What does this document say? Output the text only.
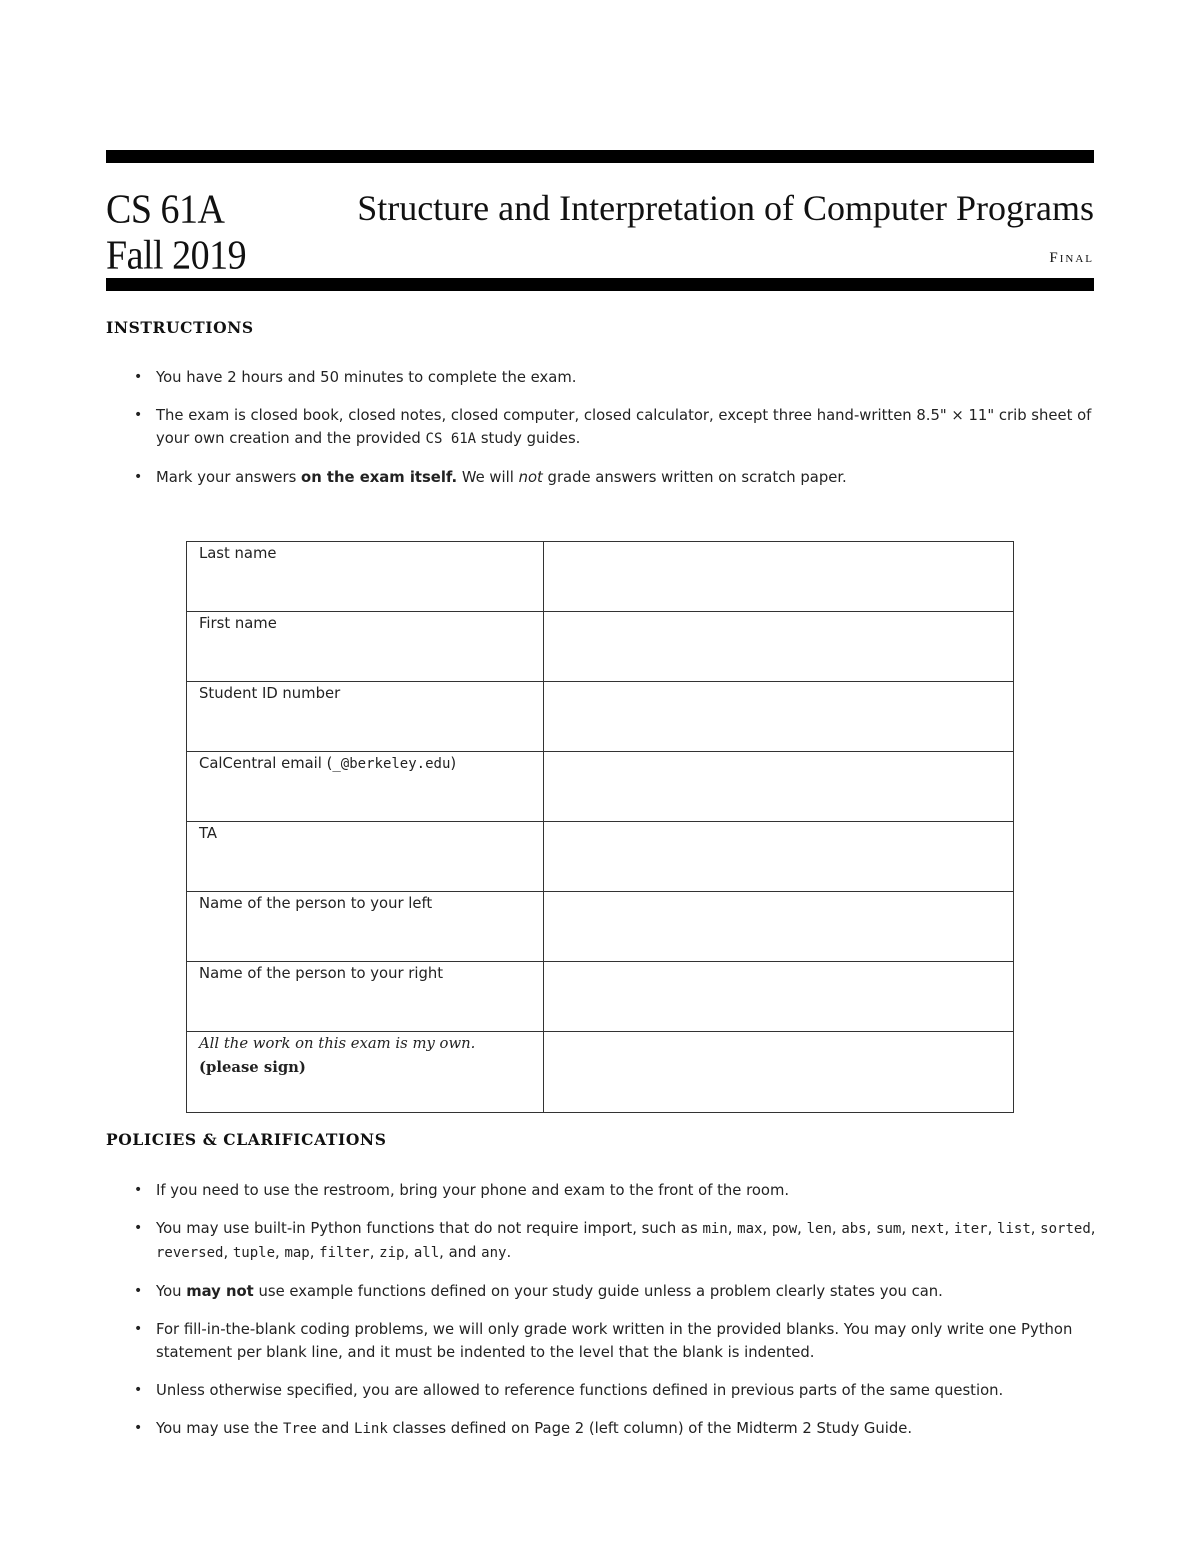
CS 61A
Fall 2019
Structure and Interpretation of Computer Programs
Final
INSTRUCTIONS
• You have 2 hours and 50 minutes to complete the exam.
• The exam is closed book, closed notes, closed computer, closed calculator, except three hand-written 8.5" × 11" crib sheet of your own creation and the provided CS 61A study guides.
• Mark your answers on the exam itself. We will not grade answers written on scratch paper.
Last name	
First name	
Student ID number	
CalCentral email (_@berkeley.edu)	
TA	
Name of the person to your left	
Name of the person to your right	
All the work on this exam is my own.
(please sign)	

POLICIES & CLARIFICATIONS
• If you need to use the restroom, bring your phone and exam to the front of the room.
• You may use built-in Python functions that do not require import, such as min, max, pow, len, abs, sum, next, iter, list, sorted, reversed, tuple, map, filter, zip, all, and any.
• You may not use example functions defined on your study guide unless a problem clearly states you can.
• For fill-in-the-blank coding problems, we will only grade work written in the provided blanks. You may only write one Python statement per blank line, and it must be indented to the level that the blank is indented.
• Unless otherwise specified, you are allowed to reference functions defined in previous parts of the same question.
• You may use the Tree and Link classes defined on Page 2 (left column) of the Midterm 2 Study Guide.
